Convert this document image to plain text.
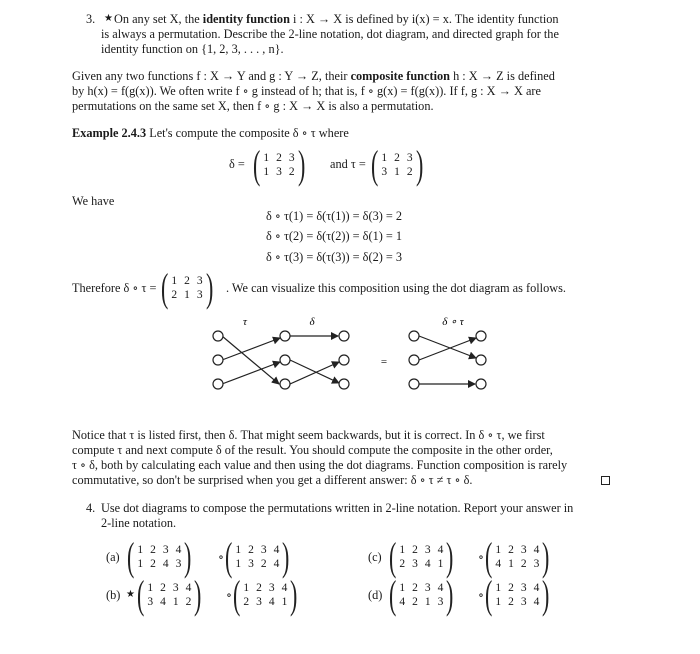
3. ★ On any set X, the identity function i : X → X is defined by i(x) = x. The identity function
is always a permutation. Describe the 2-line notation, dot diagram, and directed graph for the
identity function on {1, 2, 3, . . . , n}.
Given any two functions f : X → Y and g : Y → Z, their composite function h : X → Z is defined
by h(x) = f(g(x)). We often write f ∘ g instead of h; that is, f ∘ g(x) = f(g(x)). If f, g : X → X are
permutations on the same set X, then f ∘ g : X → X is also a permutation.
Example 2.4.3 Let's compute the composite δ ∘ τ where
δ = ( 1 2 3
1 3 2 ) and τ = ( 1 2 3
3 1 2 )
We have
δ ∘ τ(1) = δ(τ(1)) = δ(3) = 2
δ ∘ τ(2) = δ(τ(2)) = δ(1) = 1
δ ∘ τ(3) = δ(τ(3)) = δ(2) = 3
Therefore δ ∘ τ = ( 1 2 3
2 1 3 ) . We can visualize this composition using the dot diagram as follows.
τ	δ	δ ∘ τ
=
Notice that τ is listed first, then δ. That might seem backwards, but it is correct. In δ ∘ τ, we first
compute τ and next compute δ of the result. You should compute the composite in the other order,
τ ∘ δ, both by calculating each value and then using the dot diagrams. Function composition is rarely
commutative, so don't be surprised when you get a different answer: δ ∘ τ ≠ τ ∘ δ.
4. Use dot diagrams to compose the permutations written in 2-line notation. Report your answer in
2-line notation.
(a) ( 1 2 3 4
1 2 4 3 ) ∘ ( 1 2 3 4
1 3 2 4 )
(b) ★ ( 1 2 3 4
3 4 1 2 ) ∘ ( 1 2 3 4
2 3 4 1 )
(c) ( 1 2 3 4
2 3 4 1 ) ∘ ( 1 2 3 4
4 1 2 3 )
(d) ( 1 2 3 4
4 2 1 3 ) ∘ ( 1 2 3 4
1 2 3 4 )
